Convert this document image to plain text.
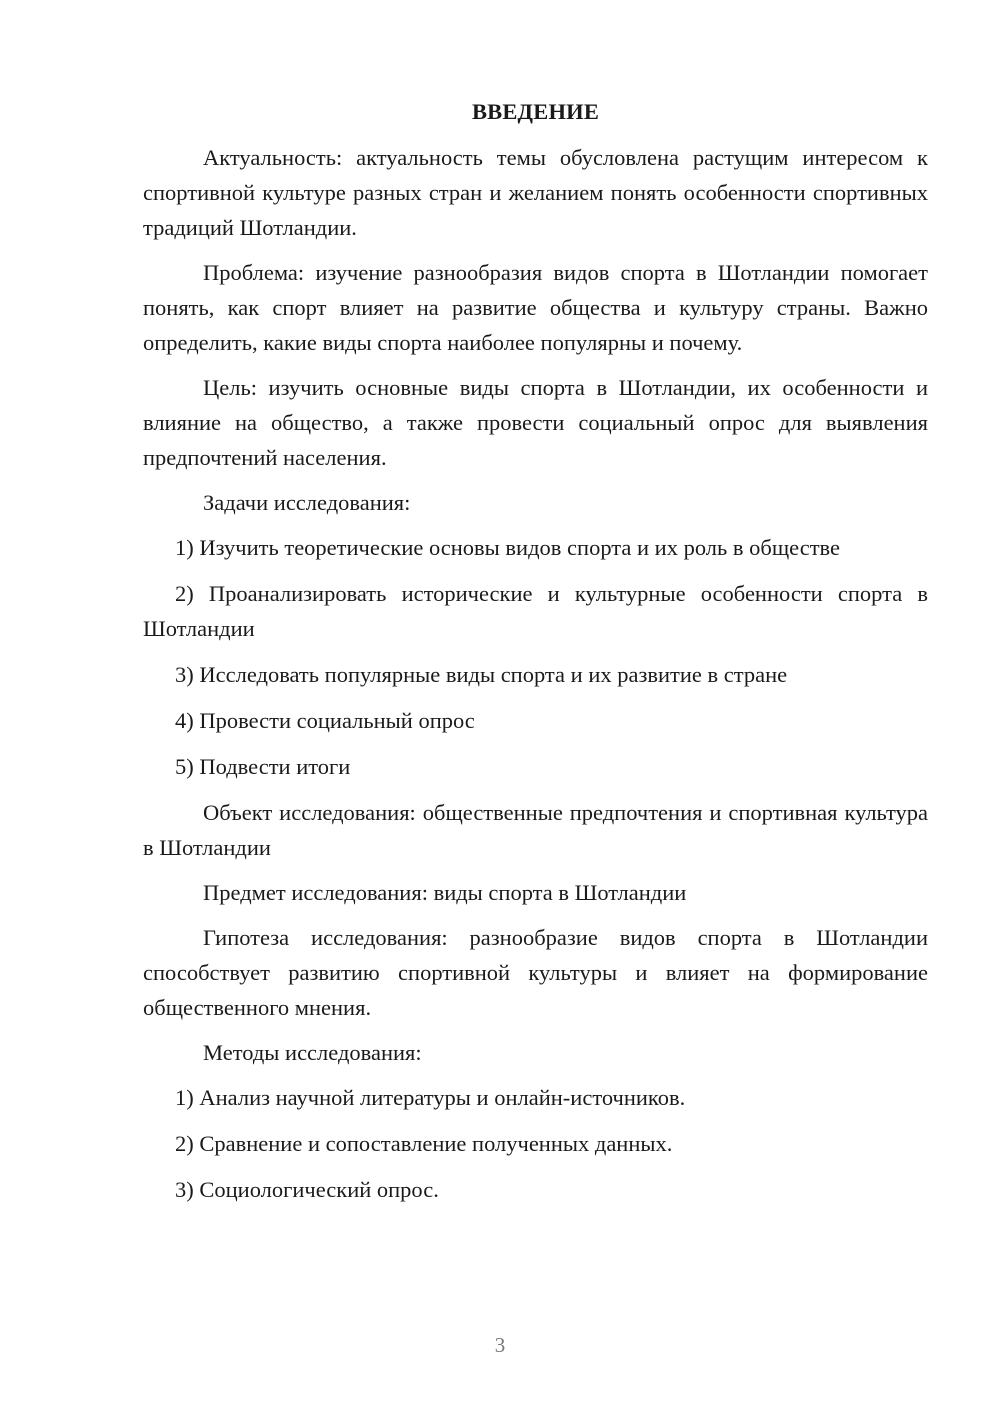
ВВЕДЕНИЕ

Актуальность: актуальность темы обусловлена растущим интересом к спортивной культуре разных стран и желанием понять особенности спортивных традиций Шотландии.

Проблема: изучение разнообразия видов спорта в Шотландии помогает понять, как спорт влияет на развитие общества и культуру страны. Важно определить, какие виды спорта наиболее популярны и почему.

Цель: изучить основные виды спорта в Шотландии, их особенности и влияние на общество, а также провести социальный опрос для выявления предпочтений населения.

Задачи исследования:

1) Изучить теоретические основы видов спорта и их роль в обществе

2) Проанализировать исторические и культурные особенности спорта в Шотландии

3) Исследовать популярные виды спорта и их развитие в стране

4) Провести социальный опрос

5) Подвести итоги

Объект исследования: общественные предпочтения и спортивная культура в Шотландии

Предмет исследования: виды спорта в Шотландии

Гипотеза исследования: разнообразие видов спорта в Шотландии способствует развитию спортивной культуры и влияет на формирование общественного мнения.

Методы исследования:

1) Анализ научной литературы и онлайн-источников.

2) Сравнение и сопоставление полученных данных.

3) Социологический опрос.

3
